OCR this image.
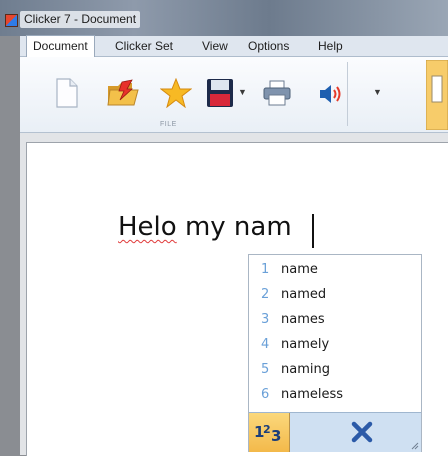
Clicker 7 - Document
Document	Clicker Set View Options Help
▼	▼
FILE
Helo my nam
1 name
2 named
3 names
4 namely
5 naming
6 nameless
1
2 3
